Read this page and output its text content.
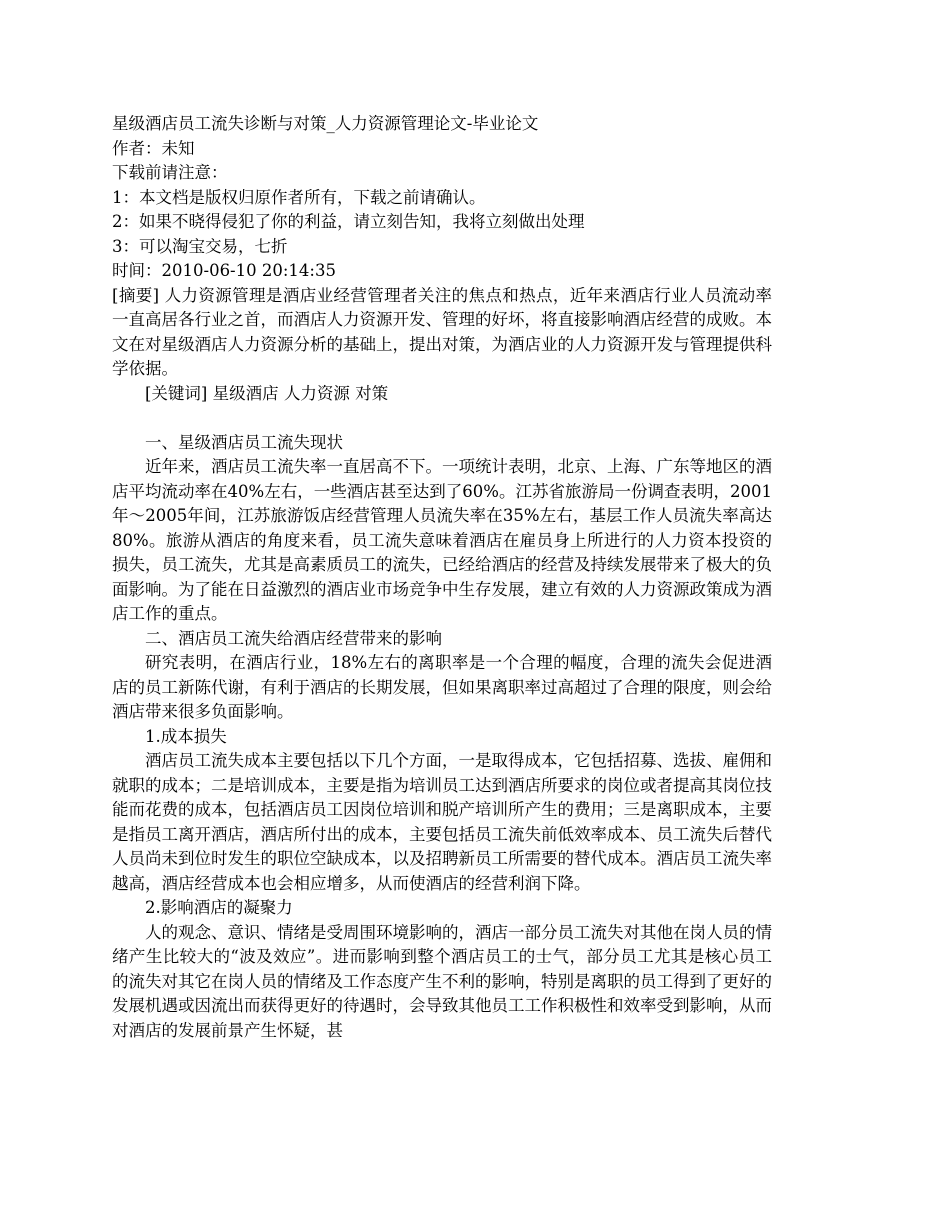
星级酒店员工流失诊断与对策_人力资源管理论文-毕业论文

作者：未知

下载前请注意：

1：本文档是版权归原作者所有，下载之前请确认。

2：如果不晓得侵犯了你的利益，请立刻告知，我将立刻做出处理

3：可以淘宝交易，七折

时间：2010-06-10 20:14:35

[摘要] 人力资源管理是酒店业经营管理者关注的焦点和热点，近年来酒店行业人员流动率一直高居各行业之首，而酒店人力资源开发、管理的好坏，将直接影响酒店经营的成败。本文在对星级酒店人力资源分析的基础上，提出对策，为酒店业的人力资源开发与管理提供科学依据。

[关键词] 星级酒店 人力资源 对策

一、星级酒店员工流失现状

近年来，酒店员工流失率一直居高不下。一项统计表明，北京、上海、广东等地区的酒店平均流动率在40%左右，一些酒店甚至达到了60%。江苏省旅游局一份调查表明，2001年～2005年间，江苏旅游饭店经营管理人员流失率在35%左右，基层工作人员流失率高达80%。旅游从酒店的角度来看，员工流失意味着酒店在雇员身上所进行的人力资本投资的损失，员工流失，尤其是高素质员工的流失，已经给酒店的经营及持续发展带来了极大的负面影响。为了能在日益激烈的酒店业市场竞争中生存发展，建立有效的人力资源政策成为酒店工作的重点。

二、酒店员工流失给酒店经营带来的影响

研究表明，在酒店行业，18%左右的离职率是一个合理的幅度，合理的流失会促进酒店的员工新陈代谢，有利于酒店的长期发展，但如果离职率过高超过了合理的限度，则会给酒店带来很多负面影响。

1.成本损失

酒店员工流失成本主要包括以下几个方面，一是取得成本，它包括招募、选拔、雇佣和就职的成本；二是培训成本，主要是指为培训员工达到酒店所要求的岗位或者提高其岗位技能而花费的成本，包括酒店员工因岗位培训和脱产培训所产生的费用；三是离职成本，主要是指员工离开酒店，酒店所付出的成本，主要包括员工流失前低效率成本、员工流失后替代人员尚未到位时发生的职位空缺成本，以及招聘新员工所需要的替代成本。酒店员工流失率越高，酒店经营成本也会相应增多，从而使酒店的经营利润下降。

2.影响酒店的凝聚力

人的观念、意识、情绪是受周围环境影响的，酒店一部分员工流失对其他在岗人员的情绪产生比较大的“波及效应”。进而影响到整个酒店员工的士气，部分员工尤其是核心员工的流失对其它在岗人员的情绪及工作态度产生不利的影响，特别是离职的员工得到了更好的发展机遇或因流出而获得更好的待遇时，会导致其他员工工作积极性和效率受到影响，从而对酒店的发展前景产生怀疑，甚
